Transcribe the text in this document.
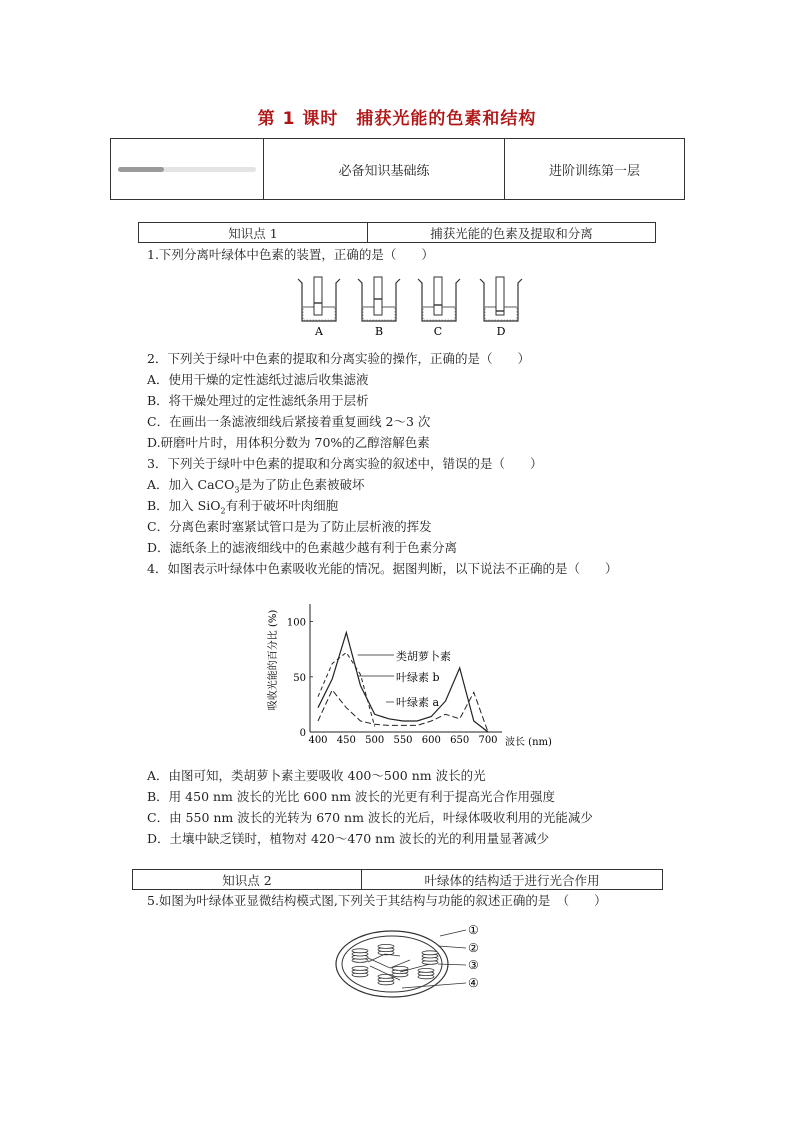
第 1 课时　捕获光能的色素和结构
必备知识基础练	进阶训练第一层
知识点 1	捕获光能的色素及提取和分离
1.下列分离叶绿体中色素的装置，正确的是（　　）
A	B	C	D
2．下列关于绿叶中色素的提取和分离实验的操作，正确的是（　　）
A．使用干燥的定性滤纸过滤后收集滤液
B．将干燥处理过的定性滤纸条用于层析
C．在画出一条滤液细线后紧接着重复画线 2～3 次
D.研磨叶片时，用体积分数为 70%的乙醇溶解色素
3．下列关于绿叶中色素的提取和分离实验的叙述中，错误的是（　　）
A．加入 CaCO$_3$是为了防止色素被破坏
B．加入 SiO$_2$有利于破坏叶肉细胞
C．分离色素时塞紧试管口是为了防止层析液的挥发
D．滤纸条上的滤液细线中的色素越少越有利于色素分离
4．如图表示叶绿体中色素吸收光能的情况。据图判断，以下说法不正确的是（　　）
0
50
100
400 450 500 550 600 650 700
吸收光能的百分比 (%)
波长 (nm)
类胡萝卜素
叶绿素 b
叶绿素 a
A．由图可知，类胡萝卜素主要吸收 400～500 nm 波长的光
B．用 450 nm 波长的光比 600 nm 波长的光更有利于提高光合作用强度
C．由 550 nm 波长的光转为 670 nm 波长的光后，叶绿体吸收利用的光能减少
D．土壤中缺乏镁时，植物对 420～470 nm 波长的光的利用量显著减少
知识点 2	叶绿体的结构适于进行光合作用
5.如图为叶绿体亚显微结构模式图,下列关于其结构与功能的叙述正确的是　（　　）
①
②
③
④
